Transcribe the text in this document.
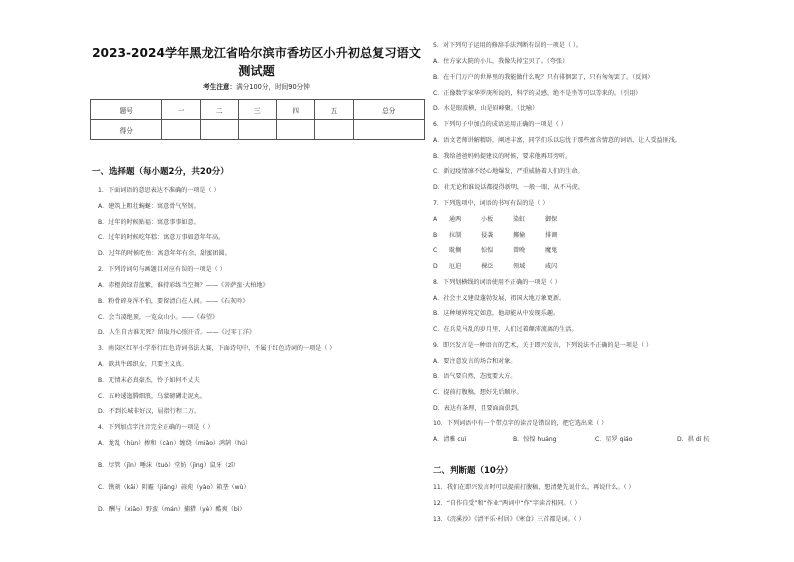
2023-2024学年黑龙江省哈尔滨市香坊区小升初总复习语文
测试题
考生注意：满分100分，时间90分钟
题号	一	二	三	四	五	总分
得分						
一、选择题（每小题2分，共20分）
1．下面词语的意思表达不准确的一项是（ ）
A．建筑上粗壮蜿蜒：寓意骨气坚韧。
B．过年的时候贴福：寓意事事如意。
C．过年的时候吃年糕：寓意万事如意年年高。
D．过年的时候吃鱼：寓意年年有余，甜蜜团圆。
2．下列诗词句与画题目对应有误的一项是（ ）
A．赤橙黄绿青蓝紫，谁持彩练当空舞？——《菩萨蛮·大柏地》
B．粉骨碎身浑不怕，要留清白在人间。——《石灰吟》
C．会当凌绝顶，一览众山小。——《春望》
D．人生自古谁无死？留取丹心照汗青。——《过零丁洋》
3．南岗区红军小学举行红色诗词书法大赛，下面诗句中，不属于红色诗词的一项是（ ）
A．欲共牛郎织女，只要主义真。
B．无情未必真豪杰，怜子如何不丈夫
C．五岭逶迤腾细浪，乌蒙磅礴走泥丸。
D．不到长城非好汉，屈指行程二万。
4．下列加点字注音完全正确的一项是（ ）
A．龙乱（hùn）掺和（càn）缠绕（miǎo）鸿鹄（hú）
B．尽管（jǐn）唾沫（tuò）堂妨（jìng）鼠牙（zī）
C．镌刻（kāi）阴霾（jiāng）蒜苑（yào）箱垄（wù）
D．酬与（xiāo）野蛮（mán）捕猎（yè）酷爽（bì）
5．对下列句子运用的修辞手法判断有误的一项是（ ）。
A．住方家大院的小儿，我像失掉宝贝了。（夸张）
B．在千门万户的世界里的我能做什么呢？只有徘徊罢了，只有匆匆罢了。（反问）
C．正像数学家华罗庚所说的，科学的灵感，绝不是坐等可以等来的。（引用）
D．水是眼波横，山是眉峰聚。（比喻）
6．下列句子中加点的成语运用正确的一项是（ ）
A．语文老师讲解精辟，阐述丰富，同学们乐以忘忧于那些富含情意的词语，让人受益匪浅。
B．我给爸爸妈妈提建议的时候，要求他再耳旁听。
C．新冠疫情凛不经心地爆发，严重威胁着人们的生命。
D．社无论和谁说话都提得新明，一般一眼，从不马虎。
7．下列选项中，词语的书写有误的是（ ）
A 通两	小板	染虹	御保
B 拉制	侵袭	揶揄	排调
C 耽搁	惊惶	曾晚	魔鬼
D 厄迫	裸泛	领域	咸闪
8．下列划横线的词语使用不正确的一项是（ ）
A．社会主义建设蓬勃发展，祖国大地万象更新。
B．这种境界宛定如意，他却能从中发现乐趣。
C．在兵荒马乱的岁月里，人们过着颠沛流离的生活。
9．即兴发言是一种语言的艺术，关于即兴发言，下列说法不正确的是一项是（ ）
A．要注意发言的场合和对象。
B．语气要自然，态度要大方。
C．提前打腹稿，想好先后顺序。
D．表达有条理，且要面面俱到。
10．下列词语中有一个带点字的读音是错误的，把它选出来（ ）
A．清雅 cuì	B．惊惶 huáng	C．星罗 qiáo	D．拱 dí 抗
二、判断题（10分）
11．我们在即兴发言时可以提前打腹稿，想清楚先说什么，再说什么。（ ）
12．“自作自受”和“作业”两词中“作”字读音相同。（ ）
13．《浣溪沙》《清平乐·村居》《寒食》三首都是词。（ ）
